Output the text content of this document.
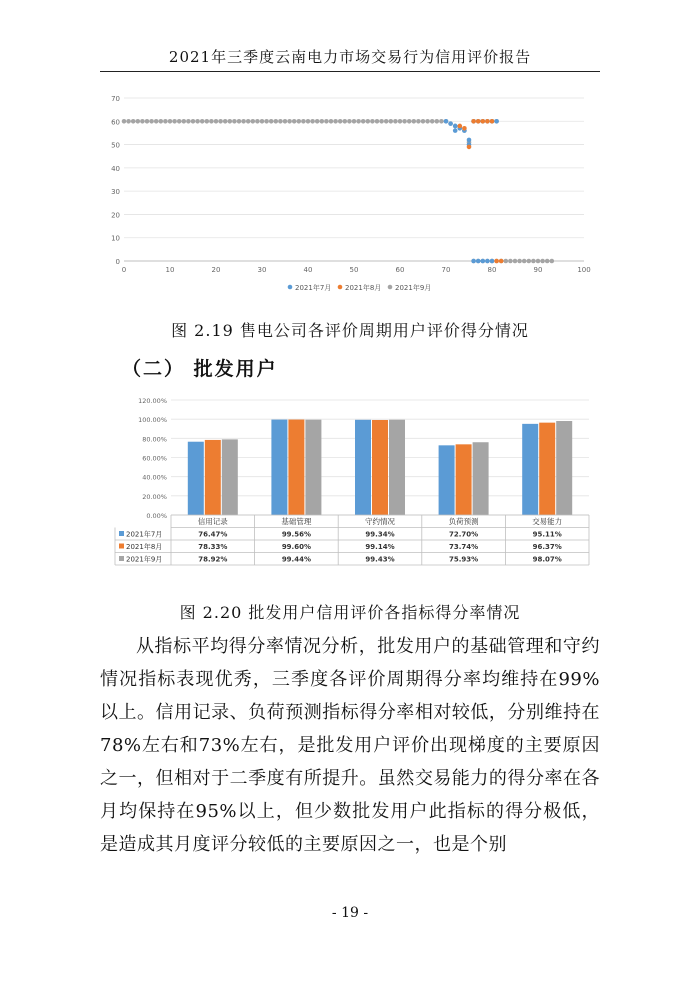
2021年三季度云南电力市场交易行为信用评价报告
0
10
20
30
40
50
60
70
0	10	20	30	40	50	60	70	80	90	100
2021年7月 2021年8月 2021年9月
图 2.19 售电公司各评价周期用户评价得分情况
（二） 批发用户
0.00%
20.00%
40.00%
60.00%
80.00%
100.00%
120.00%
信用记录	基础管理	守约情况	负荷预测	交易能力
2021年7月	76.47%	99.56%	99.34%	72.70%	95.11%
2021年8月	78.33%	99.60%	99.14%	73.74%	96.37%
2021年9月	78.92%	99.44%	99.43%	75.93%	98.07%
图 2.20 批发用户信用评价各指标得分率情况
从指标平均得分率情况分析，批发用户的基础管理和守约情况指标表现优秀，三季度各评价周期得分率均维持在99%以上。信用记录、负荷预测指标得分率相对较低，分别维持在78%左右和73%左右，是批发用户评价出现梯度的主要原因之一，但相对于二季度有所提升。虽然交易能力的得分率在各月均保持在95%以上，但少数批发用户此指标的得分极低，是造成其月度评分较低的主要原因之一，也是个别
- 19 -
